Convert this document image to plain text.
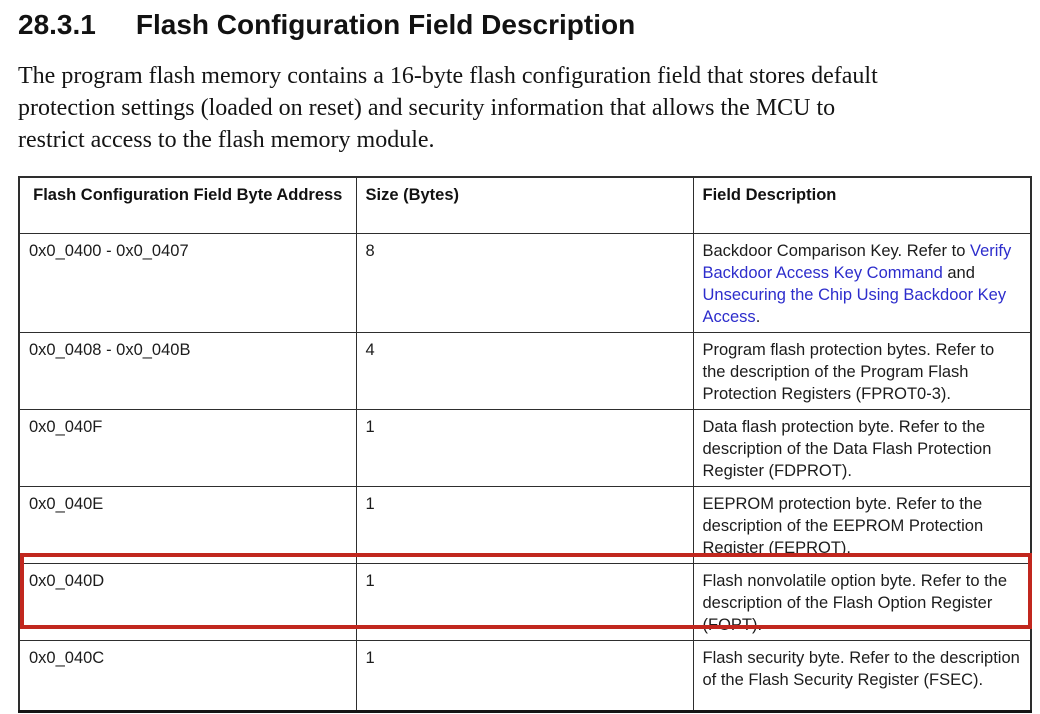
28.3.1 Flash Configuration Field Description

The program flash memory contains a 16-byte flash configuration field that stores default
protection settings (loaded on reset) and security information that allows the MCU to
restrict access to the flash memory module.

Flash Configuration Field Byte Address	Size (Bytes)	Field Description
0x0_0400 - 0x0_0407	8	Backdoor Comparison Key. Refer to Verify Backdoor Access Key Command and Unsecuring the Chip Using Backdoor Key Access.
0x0_0408 - 0x0_040B	4	Program flash protection bytes. Refer to the description of the Program Flash Protection Registers (FPROT0-3).
0x0_040F	1	Data flash protection byte. Refer to the description of the Data Flash Protection Register (FDPROT).
0x0_040E	1	EEPROM protection byte. Refer to the description of the EEPROM Protection Register (FEPROT).
0x0_040D	1	Flash nonvolatile option byte. Refer to the description of the Flash Option Register (FOPT).
0x0_040C	1	Flash security byte. Refer to the description of the Flash Security Register (FSEC).
